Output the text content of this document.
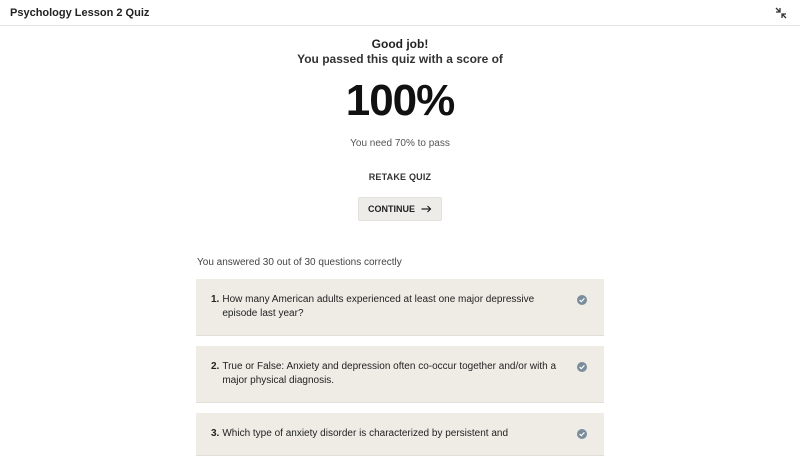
Psychology Lesson 2 Quiz
Good job!
You passed this quiz with a score of
100%
You need 70% to pass
RETAKE QUIZ
CONTINUE
You answered 30 out of 30 questions correctly
1. How many American adults experienced at least one major depressive episode last year?
2. True or False: Anxiety and depression often co-occur together and/or with a major physical diagnosis.
3. Which type of anxiety disorder is characterized by persistent and
